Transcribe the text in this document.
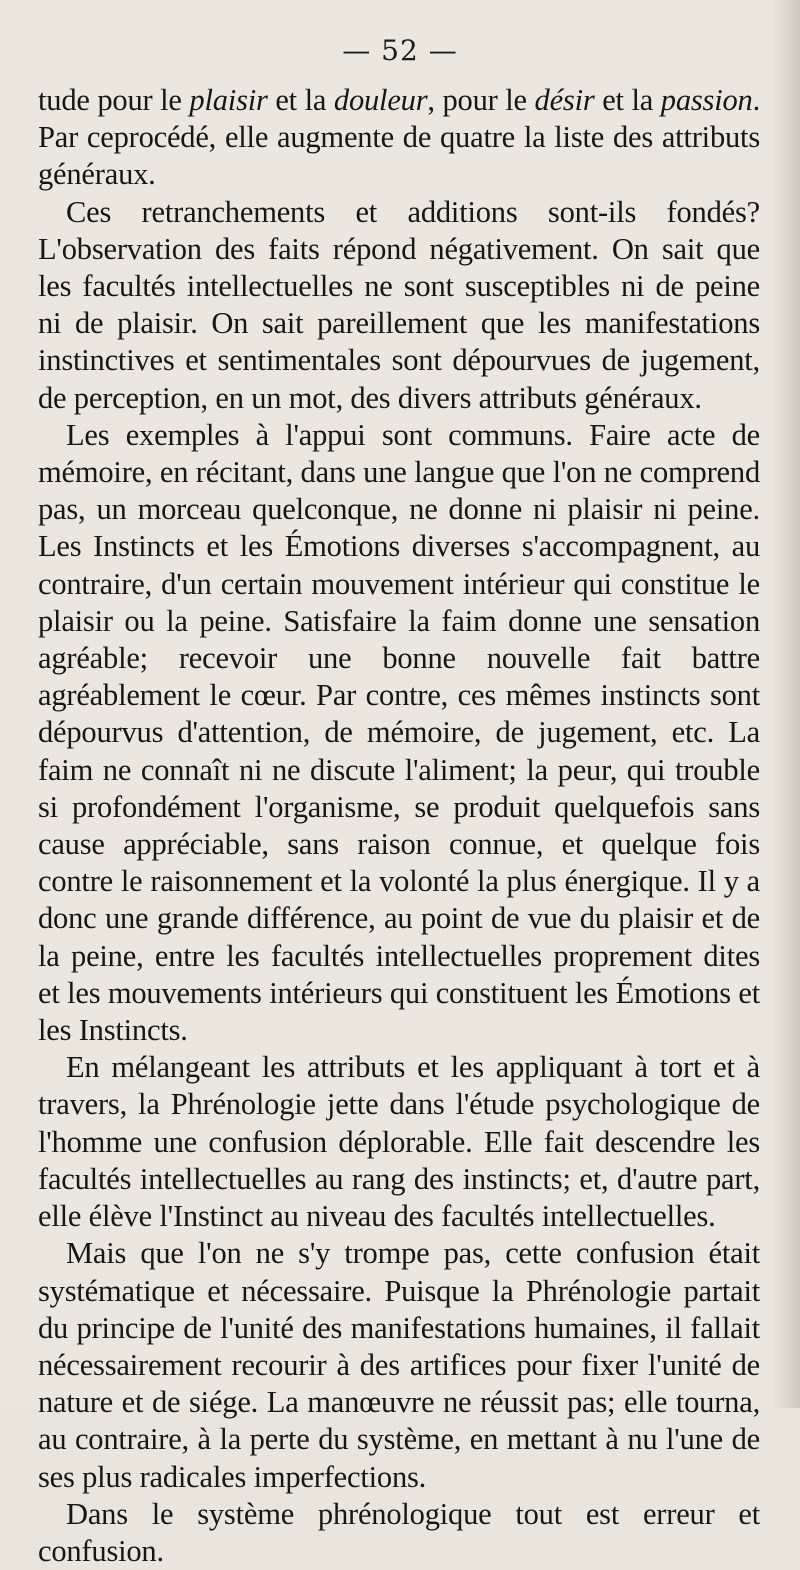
— 52 —

tude pour le plaisir et la douleur, pour le désir et la passion. Par ceprocédé, elle augmente de quatre la liste des attributs généraux.

Ces retranchements et additions sont-ils fondés? L'observation des faits répond négativement. On sait que les facultés intellectuelles ne sont susceptibles ni de peine ni de plaisir. On sait pareillement que les manifestations instinctives et sentimentales sont dépourvues de jugement, de perception, en un mot, des divers attributs généraux.

Les exemples à l'appui sont communs. Faire acte de mémoire, en récitant, dans une langue que l'on ne comprend pas, un morceau quelconque, ne donne ni plaisir ni peine. Les Instincts et les Émotions diverses s'accompagnent, au contraire, d'un certain mouvement intérieur qui constitue le plaisir ou la peine. Satisfaire la faim donne une sensation agréable; recevoir une bonne nouvelle fait battre agréablement le cœur. Par contre, ces mêmes instincts sont dépourvus d'attention, de mémoire, de jugement, etc. La faim ne connaît ni ne discute l'aliment; la peur, qui trouble si profondément l'organisme, se produit quelquefois sans cause appréciable, sans raison connue, et quelque fois contre le raisonnement et la volonté la plus énergique. Il y a donc une grande différence, au point de vue du plaisir et de la peine, entre les facultés intellectuelles proprement dites et les mouvements intérieurs qui constituent les Émotions et les Instincts.

En mélangeant les attributs et les appliquant à tort et à travers, la Phrénologie jette dans l'étude psychologique de l'homme une confusion déplorable. Elle fait descendre les facultés intellectuelles au rang des instincts; et, d'autre part, elle élève l'Instinct au niveau des facultés intellectuelles.

Mais que l'on ne s'y trompe pas, cette confusion était systématique et nécessaire. Puisque la Phrénologie partait du principe de l'unité des manifestations humaines, il fallait nécessairement recourir à des artifices pour fixer l'unité de nature et de siége. La manœuvre ne réussit pas; elle tourna, au contraire, à la perte du système, en mettant à nu l'une de ses plus radicales imperfections.

Dans le système phrénologique tout est erreur et confusion.
